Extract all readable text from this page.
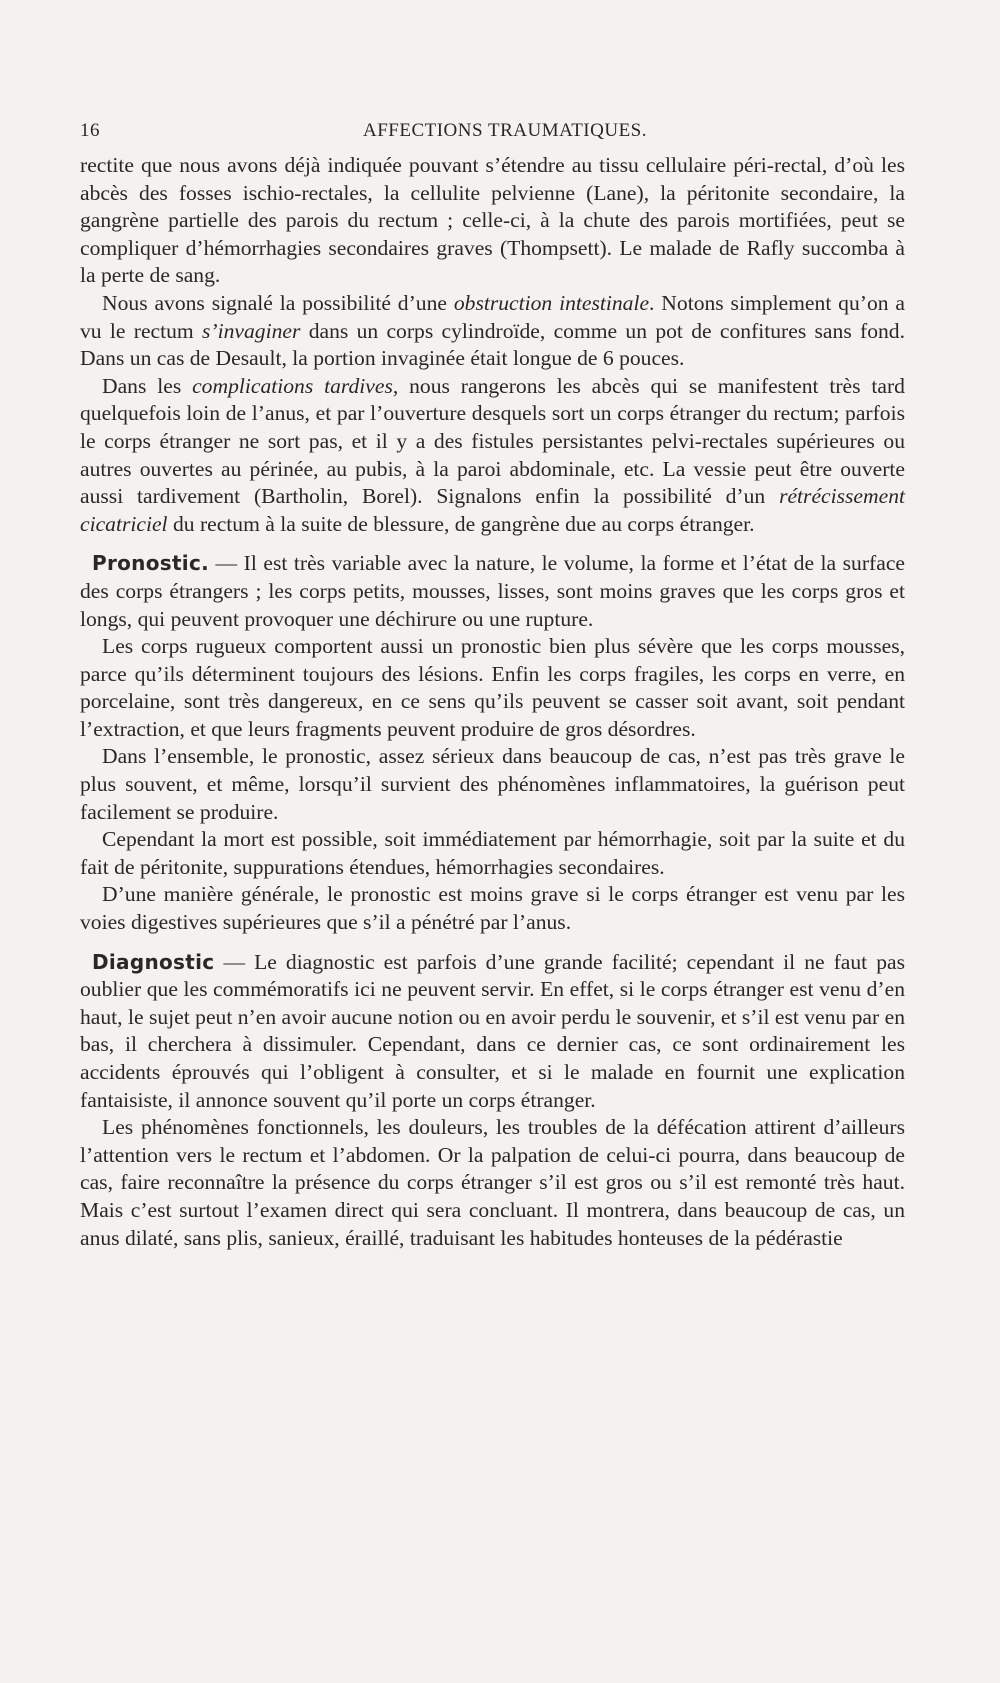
16	AFFECTIONS TRAUMATIQUES.

rectite que nous avons déjà indiquée pouvant s’étendre au tissu cellulaire péri-rectal, d’où les abcès des fosses ischio-rectales, la cellulite pelvienne (Lane), la péritonite secondaire, la gangrène partielle des parois du rectum ; celle-ci, à la chute des parois mortifiées, peut se compliquer d’hémorrhagies secondaires graves (Thompsett). Le malade de Rafly succomba à la perte de sang.

Nous avons signalé la possibilité d’une obstruction intestinale. Notons simplement qu’on a vu le rectum s’invaginer dans un corps cylindroïde, comme un pot de confitures sans fond. Dans un cas de Desault, la portion invaginée était longue de 6 pouces.

Dans les complications tardives, nous rangerons les abcès qui se manifestent très tard quelquefois loin de l’anus, et par l’ouverture desquels sort un corps étranger du rectum; parfois le corps étranger ne sort pas, et il y a des fistules persistantes pelvi-rectales supérieures ou autres ouvertes au périnée, au pubis, à la paroi abdominale, etc. La vessie peut être ouverte aussi tardivement (Bartholin, Borel). Signalons enfin la possibilité d’un rétrécissement cicatriciel du rectum à la suite de blessure, de gangrène due au corps étranger.

Pronostic. — Il est très variable avec la nature, le volume, la forme et l’état de la surface des corps étrangers ; les corps petits, mousses, lisses, sont moins graves que les corps gros et longs, qui peuvent provoquer une déchirure ou une rupture.

Les corps rugueux comportent aussi un pronostic bien plus sévère que les corps mousses, parce qu’ils déterminent toujours des lésions. Enfin les corps fragiles, les corps en verre, en porcelaine, sont très dangereux, en ce sens qu’ils peuvent se casser soit avant, soit pendant l’extraction, et que leurs fragments peuvent produire de gros désordres.

Dans l’ensemble, le pronostic, assez sérieux dans beaucoup de cas, n’est pas très grave le plus souvent, et même, lorsqu’il survient des phénomènes inflammatoires, la guérison peut facilement se produire.

Cependant la mort est possible, soit immédiatement par hémorrhagie, soit par la suite et du fait de péritonite, suppurations étendues, hémorrhagies secondaires.

D’une manière générale, le pronostic est moins grave si le corps étranger est venu par les voies digestives supérieures que s’il a pénétré par l’anus.

Diagnostic — Le diagnostic est parfois d’une grande facilité; cependant il ne faut pas oublier que les commémoratifs ici ne peuvent servir. En effet, si le corps étranger est venu d’en haut, le sujet peut n’en avoir aucune notion ou en avoir perdu le souvenir, et s’il est venu par en bas, il cherchera à dissimuler. Cependant, dans ce dernier cas, ce sont ordinairement les accidents éprouvés qui l’obligent à consulter, et si le malade en fournit une explication fantaisiste, il annonce souvent qu’il porte un corps étranger.

Les phénomènes fonctionnels, les douleurs, les troubles de la défécation attirent d’ailleurs l’attention vers le rectum et l’abdomen. Or la palpation de celui-ci pourra, dans beaucoup de cas, faire reconnaître la présence du corps étranger s’il est gros ou s’il est remonté très haut. Mais c’est surtout l’examen direct qui sera concluant. Il montrera, dans beaucoup de cas, un anus dilaté, sans plis, sanieux, éraillé, traduisant les habitudes honteuses de la pédérastie
